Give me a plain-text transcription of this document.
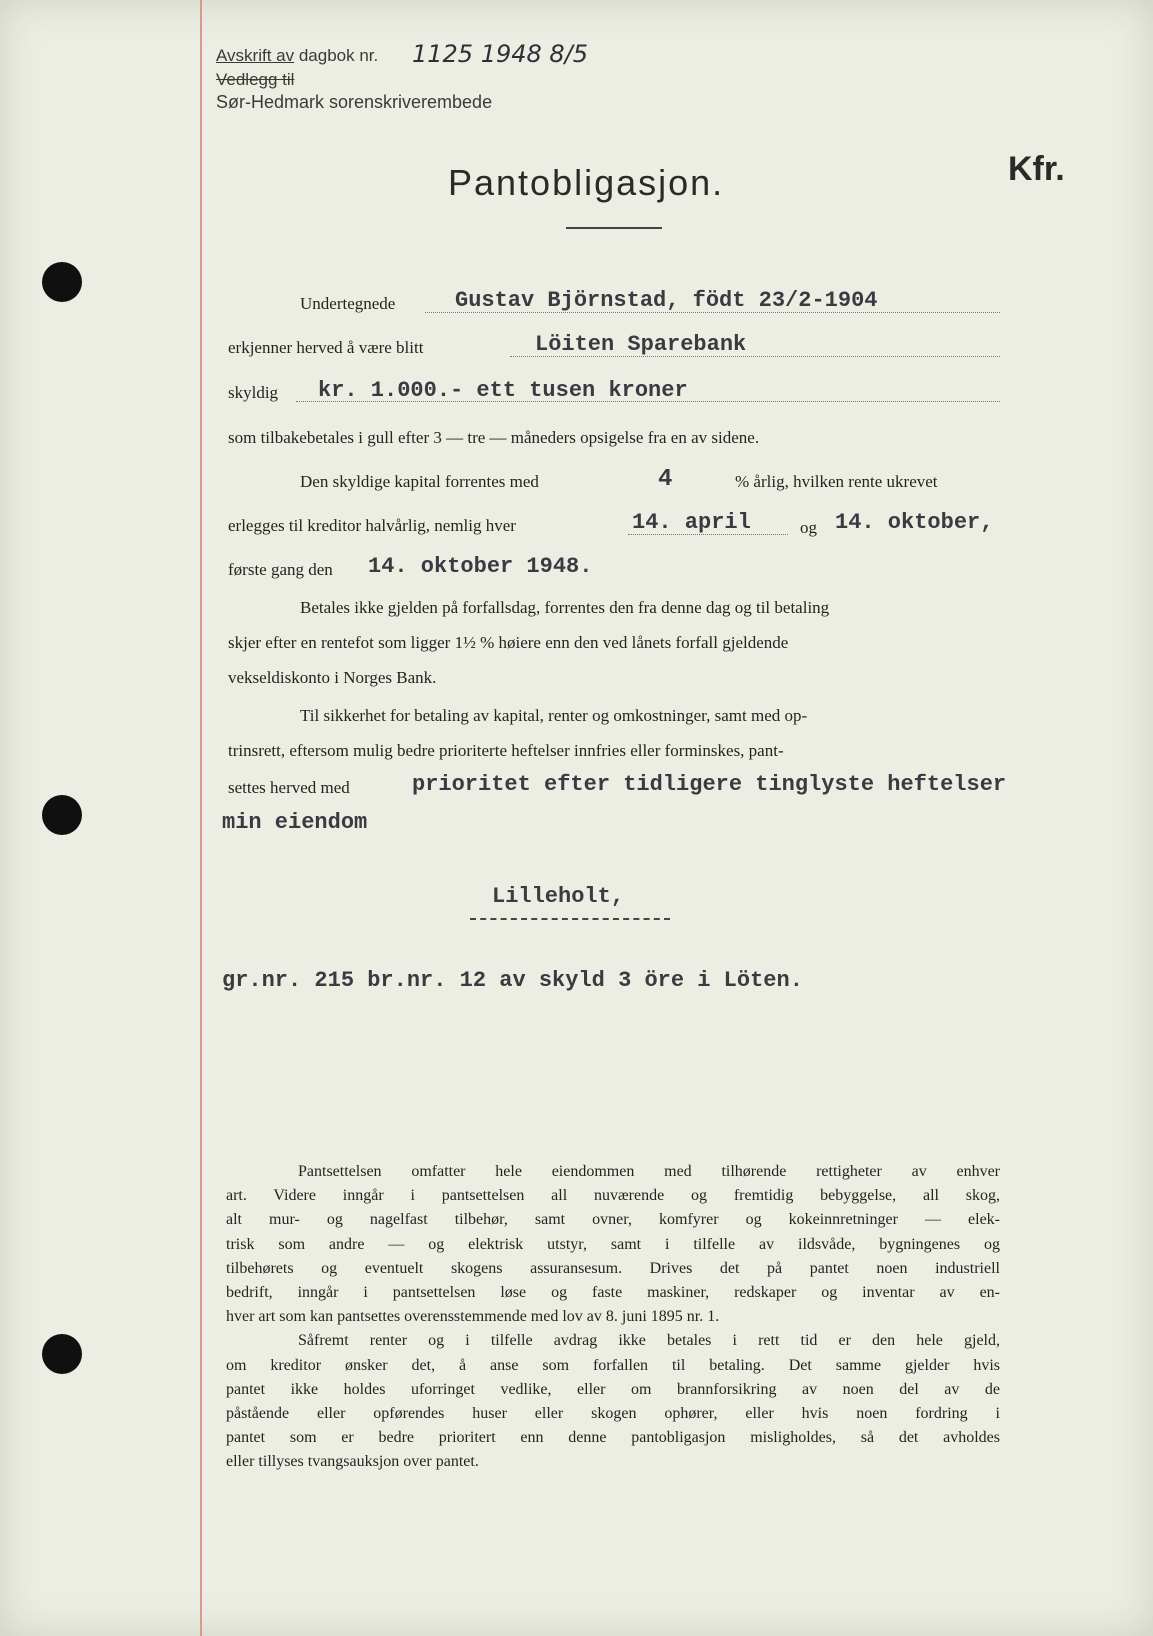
Avskrift av dagbok nr.
Vedlegg til
1125 1948 8/5
Sør-Hedmark sorenskriverembede
Pantobligasjon.	Kfr.
Undertegnede	Gustav Björnstad, födt 23/2-1904
erkjenner herved å være blitt	Löiten Sparebank
skyldig kr. 1.000.- ett tusen kroner
som tilbakebetales i gull efter 3 — tre — måneders opsigelse fra en av sidene.
Den skyldige kapital forrentes med	4	% årlig, hvilken rente ukrevet
erlegges til kreditor halvårlig, nemlig hver	14. april	og 14. oktober,
første gang den 14. oktober 1948.
Betales ikke gjelden på forfallsdag, forrentes den fra denne dag og til betaling
skjer efter en rentefot som ligger 1½ % høiere enn den ved lånets forfall gjeldende
vekseldiskonto i Norges Bank.
Til sikkerhet for betaling av kapital, renter og omkostninger, samt med op-
trinsrett, eftersom mulig bedre prioriterte heftelser innfries eller forminskes, pant-
settes herved med	prioritet efter tidligere tinglyste heftelser
min eiendom
Lilleholt,
gr.nr. 215 br.nr. 12 av skyld 3 öre i Löten.
Pantsettelsen omfatter hele eiendommen med tilhørende rettigheter av enhver
art. Videre inngår i pantsettelsen all nuværende og fremtidig bebyggelse, all skog,
alt mur- og nagelfast tilbehør, samt ovner, komfyrer og kokeinnretninger — elek-
trisk som andre — og elektrisk utstyr, samt i tilfelle av ildsvåde, bygningenes og
tilbehørets og eventuelt skogens assuransesum. Drives det på pantet noen industriell
bedrift, inngår i pantsettelsen løse og faste maskiner, redskaper og inventar av en-
hver art som kan pantsettes overensstemmende med lov av 8. juni 1895 nr. 1.
Såfremt renter og i tilfelle avdrag ikke betales i rett tid er den hele gjeld,
om kreditor ønsker det, å anse som forfallen til betaling. Det samme gjelder hvis
pantet ikke holdes uforringet vedlike, eller om brannforsikring av noen del av de
påstående eller opførendes huser eller skogen ophører, eller hvis noen fordring i
pantet som er bedre prioritert enn denne pantobligasjon misligholdes, så det avholdes
eller tillyses tvangsauksjon over pantet.
